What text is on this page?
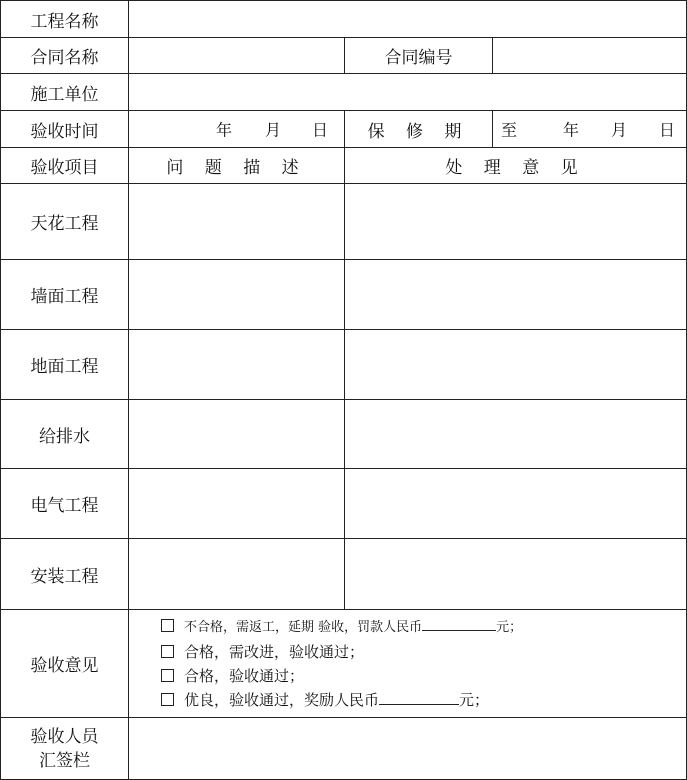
工程名称			
合同名称		合同编号	
施工单位			
验收时间	年 月 日	保 修 期	至 年 月 日

验收项目	问 题 描 述	处 理 意 见	
天花工程			
墙面工程			
地面工程			
给排水			
电气工程			
安装工程			
验收意见	不合格，需返工，延期 验收，罚款人民币 元；
合格，需改进，验收通过；
合格，验收通过；
优良，验收通过，奖励人民币 元；		

验收人员
汇签栏			
